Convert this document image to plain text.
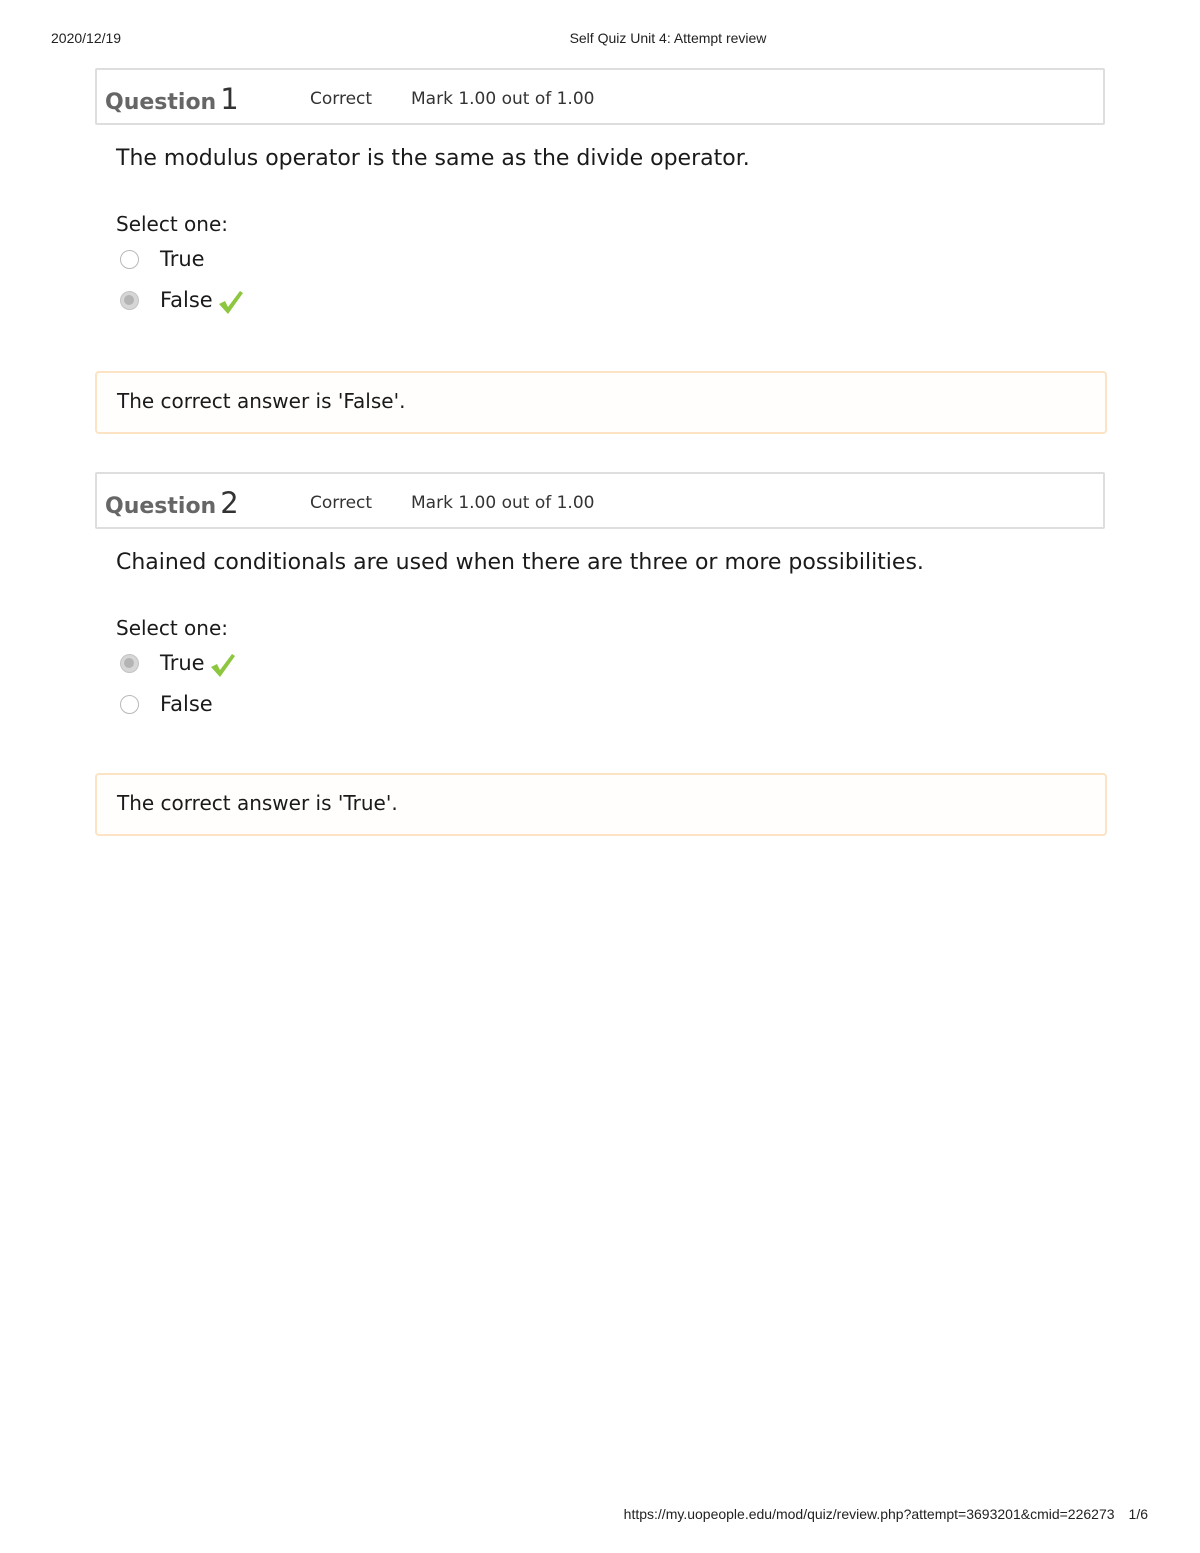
2020/12/19	Self Quiz Unit 4: Attempt review
Question 1	Correct Mark 1.00 out of 1.00
The modulus operator is the same as the divide operator.
Select one:
True
False
The correct answer is 'False'.
Question 2	Correct Mark 1.00 out of 1.00
Chained conditionals are used when there are three or more possibilities.
Select one:
True
False
The correct answer is 'True'.
https://my.uopeople.edu/mod/quiz/review.php?attempt=3693201&cmid=226273 1/6
